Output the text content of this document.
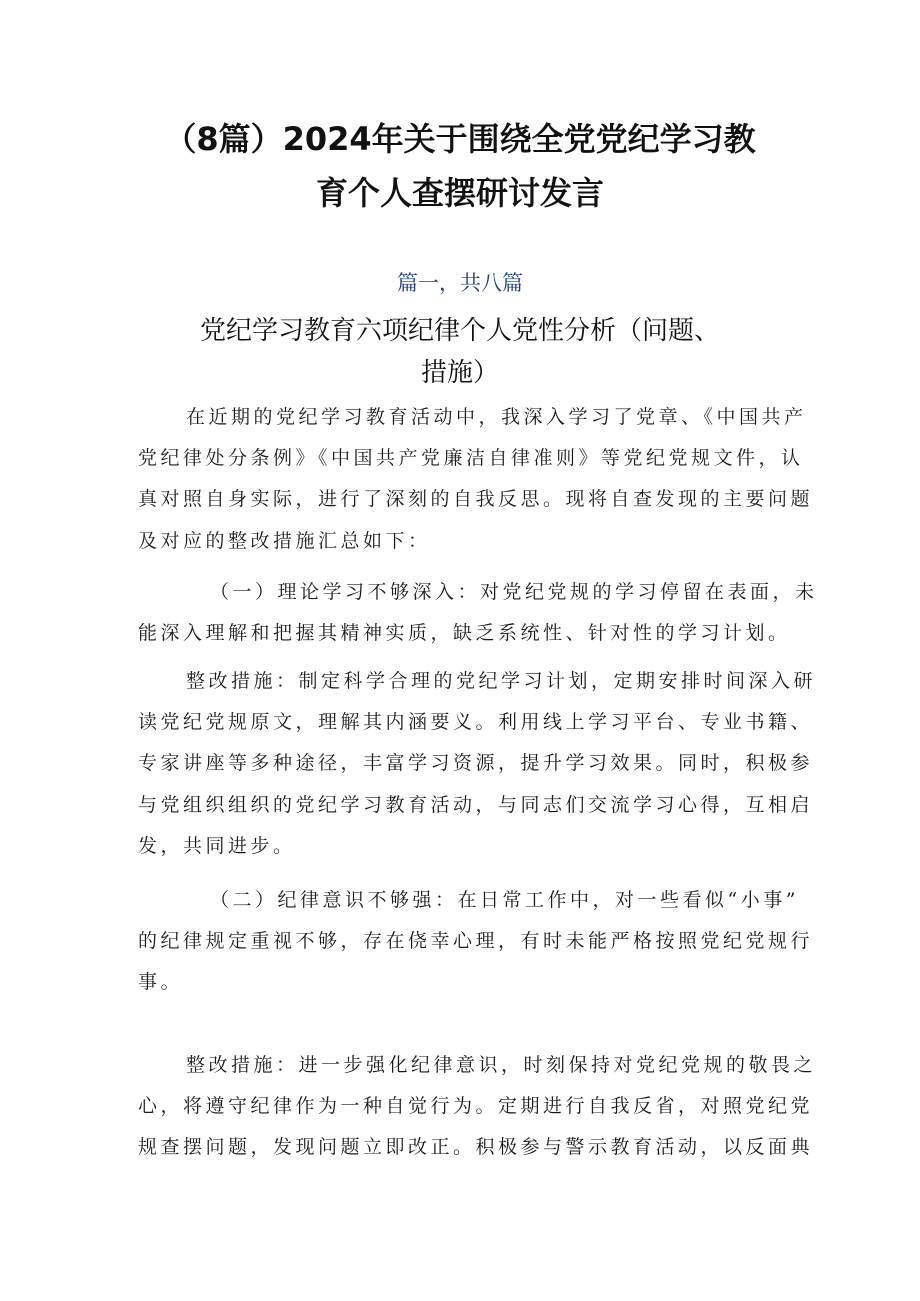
（8篇）2024年关于围绕全党党纪学习教
育个人查摆研讨发言
篇一，共八篇
党纪学习教育六项纪律个人党性分析（问题、
措施）
在近期的党纪学习教育活动中，我深入学习了党章、《中国共产
党纪律处分条例》《中国共产党廉洁自律准则》等党纪党规文件，认
真对照自身实际，进行了深刻的自我反思。现将自查发现的主要问题
及对应的整改措施汇总如下：
（一）理论学习不够深入：对党纪党规的学习停留在表面，未
能深入理解和把握其精神实质，缺乏系统性、针对性的学习计划。
整改措施：制定科学合理的党纪学习计划，定期安排时间深入研
读党纪党规原文，理解其内涵要义。利用线上学习平台、专业书籍、
专家讲座等多种途径，丰富学习资源，提升学习效果。同时，积极参
与党组织组织的党纪学习教育活动，与同志们交流学习心得，互相启
发，共同进步。
（二）纪律意识不够强：在日常工作中，对一些看似“小事”
的纪律规定重视不够，存在侥幸心理，有时未能严格按照党纪党规行
事。
整改措施：进一步强化纪律意识，时刻保持对党纪党规的敬畏之
心，将遵守纪律作为一种自觉行为。定期进行自我反省，对照党纪党
规查摆问题，发现问题立即改正。积极参与警示教育活动，以反面典
